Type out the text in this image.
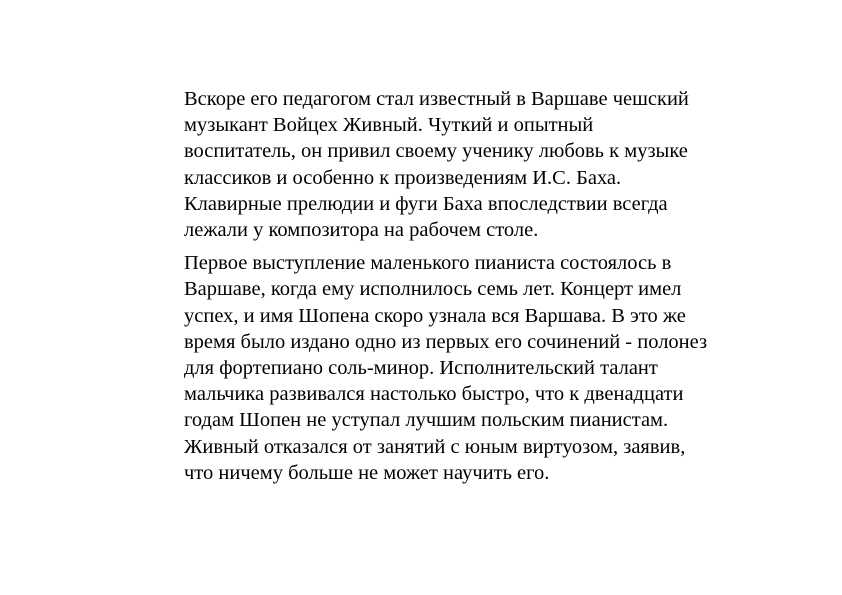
Вскоре его педагогом стал известный в Варшаве чешский
музыкант Войцех Живный. Чуткий и опытный
воспитатель, он привил своему ученику любовь к музыке
классиков и особенно к произведениям И.С. Баха.
Клавирные прелюдии и фуги Баха впоследствии всегда
лежали у композитора на рабочем столе.

Первое выступление маленького пианиста состоялось в
Варшаве, когда ему исполнилось семь лет. Концерт имел
успех, и имя Шопена скоро узнала вся Варшава. В это же
время было издано одно из первых его сочинений - полонез
для фортепиано соль-минор. Исполнительский талант
мальчика развивался настолько быстро, что к двенадцати
годам Шопен не уступал лучшим польским пианистам.
Живный отказался от занятий с юным виртуозом, заявив,
что ничему больше не может научить его.
